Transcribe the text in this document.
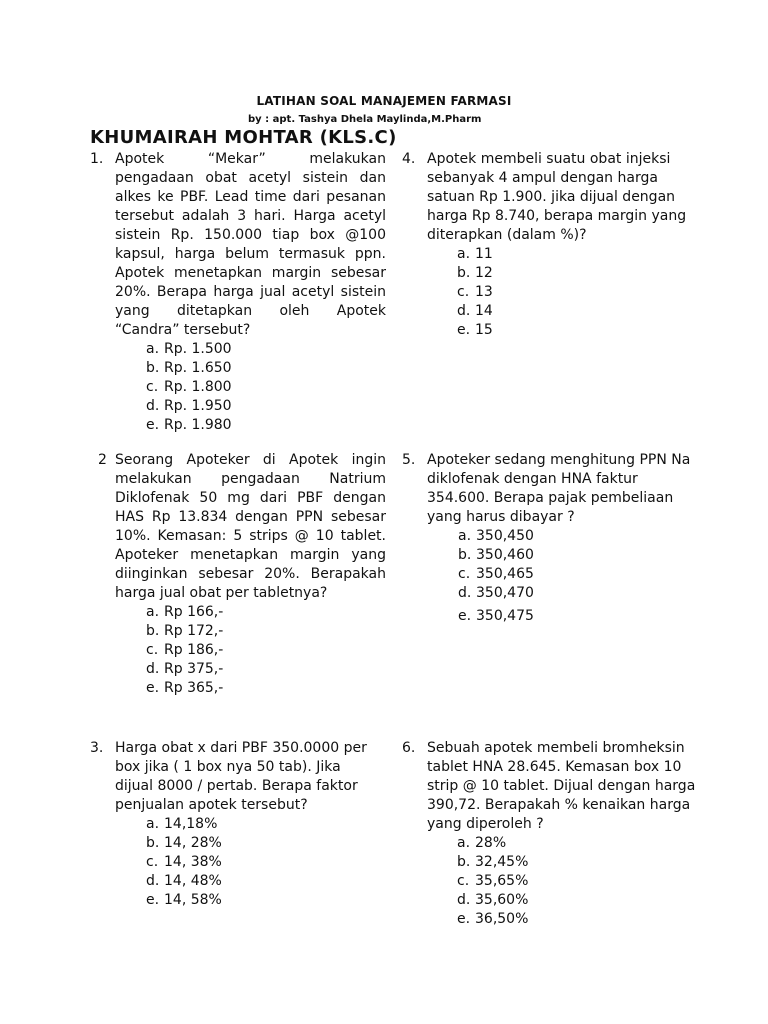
LATIHAN SOAL MANAJEMEN FARMASI
by : apt. Tashya Dhela Maylinda,M.Pharm
KHUMAIRAH MOHTAR (KLS.C)
1. Apotek “Mekar” melakukan pengadaan obat acetyl sistein dan alkes ke PBF. Lead time dari pesanan tersebut adalah 3 hari. Harga acetyl sistein Rp. 150.000 tiap box @100 kapsul, harga belum termasuk ppn. Apotek menetapkan margin sebesar 20%. Berapa harga jual acetyl sistein yang ditetapkan oleh Apotek “Candra” tersebut?
a. Rp. 1.500
b. Rp. 1.650
c. Rp. 1.800
d. Rp. 1.950
e. Rp. 1.980
2 Seorang Apoteker di Apotek ingin melakukan pengadaan Natrium Diklofenak 50 mg dari PBF dengan HAS Rp 13.834 dengan PPN sebesar 10%. Kemasan: 5 strips @ 10 tablet. Apoteker menetapkan margin yang diinginkan sebesar 20%. Berapakah harga jual obat per tabletnya?
a. Rp 166,-
b. Rp 172,-
c. Rp 186,-
d. Rp 375,-
e. Rp 365,-
3. Harga obat x dari PBF 350.0000 per box jika ( 1 box nya 50 tab). Jika dijual 8000 / pertab. Berapa faktor penjualan apotek tersebut?
a. 14,18%
b. 14, 28%
c. 14, 38%
d. 14, 48%
e. 14, 58%
4. Apotek membeli suatu obat injeksi sebanyak 4 ampul dengan harga satuan Rp 1.900. jika dijual dengan harga Rp 8.740, berapa margin yang diterapkan (dalam %)?
a. 11
b. 12
c. 13
d. 14
e. 15
5. Apoteker sedang menghitung PPN Na diklofenak dengan HNA faktur 354.600. Berapa pajak pembeliaan yang harus dibayar ?
a. 350,450
b. 350,460
c. 350,465
d. 350,470
e. 350,475
6. Sebuah apotek membeli bromheksin tablet HNA 28.645. Kemasan box 10 strip @ 10 tablet. Dijual dengan harga 390,72. Berapakah % kenaikan harga yang diperoleh ?
a. 28%
b. 32,45%
c. 35,65%
d. 35,60%
e. 36,50%
